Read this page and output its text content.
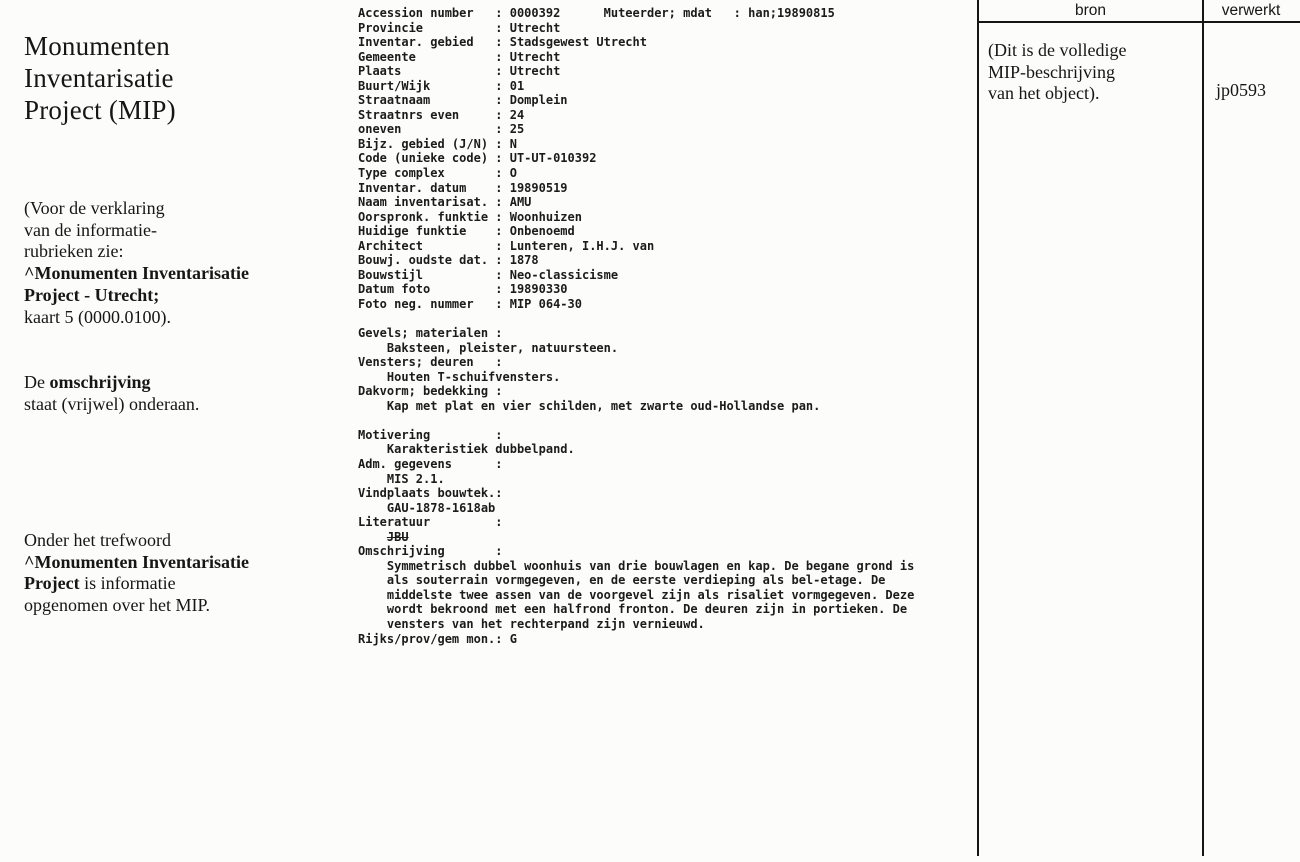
Monumenten
Inventarisatie
Project (MIP)
(Voor de verklaring
van de informatie-
rubrieken zie:
^Monumenten Inventarisatie
Project - Utrecht;
kaart 5 (0000.0100).
De omschrijving
staat (vrijwel) onderaan.
Onder het trefwoord
^Monumenten Inventarisatie
Project is informatie
opgenomen over het MIP.
Accession number   : 0000392      Muteerder; mdat   : han;19890815
Provincie          : Utrecht
Inventar. gebied   : Stadsgewest Utrecht
Gemeente           : Utrecht
Plaats             : Utrecht
Buurt/Wijk         : 01
Straatnaam         : Domplein
Straatnrs even     : 24
oneven             : 25
Bijz. gebied (J/N) : N
Code (unieke code) : UT-UT-010392
Type complex       : O
Inventar. datum    : 19890519
Naam inventarisat. : AMU
Oorspronk. funktie : Woonhuizen
Huidige funktie    : Onbenoemd
Architect          : Lunteren, I.H.J. van
Bouwj. oudste dat. : 1878
Bouwstijl          : Neo-classicisme
Datum foto         : 19890330
Foto neg. nummer   : MIP 064-30

Gevels; materialen :
Baksteen, pleister, natuursteen.
Vensters; deuren   :
Houten T-schuifvensters.
Dakvorm; bedekking :
Kap met plat en vier schilden, met zwarte oud-Hollandse pan.

Motivering         :
Karakteristiek dubbelpand.
Adm. gegevens      :
MIS 2.1.
Vindplaats bouwtek.:
GAU-1878-1618ab
Literatuur         :
JBU
Omschrijving       :
Symmetrisch dubbel woonhuis van drie bouwlagen en kap. De begane grond is
als souterrain vormgegeven, en de eerste verdieping als bel-etage. De
middelste twee assen van de voorgevel zijn als risaliet vormgegeven. Deze
wordt bekroond met een halfrond fronton. De deuren zijn in portieken. De
vensters van het rechterpand zijn vernieuwd.
Rijks/prov/gem mon.: G
bron	verwerkt
(Dit is de volledige
MIP-beschrijving
van het object).	jp0593
